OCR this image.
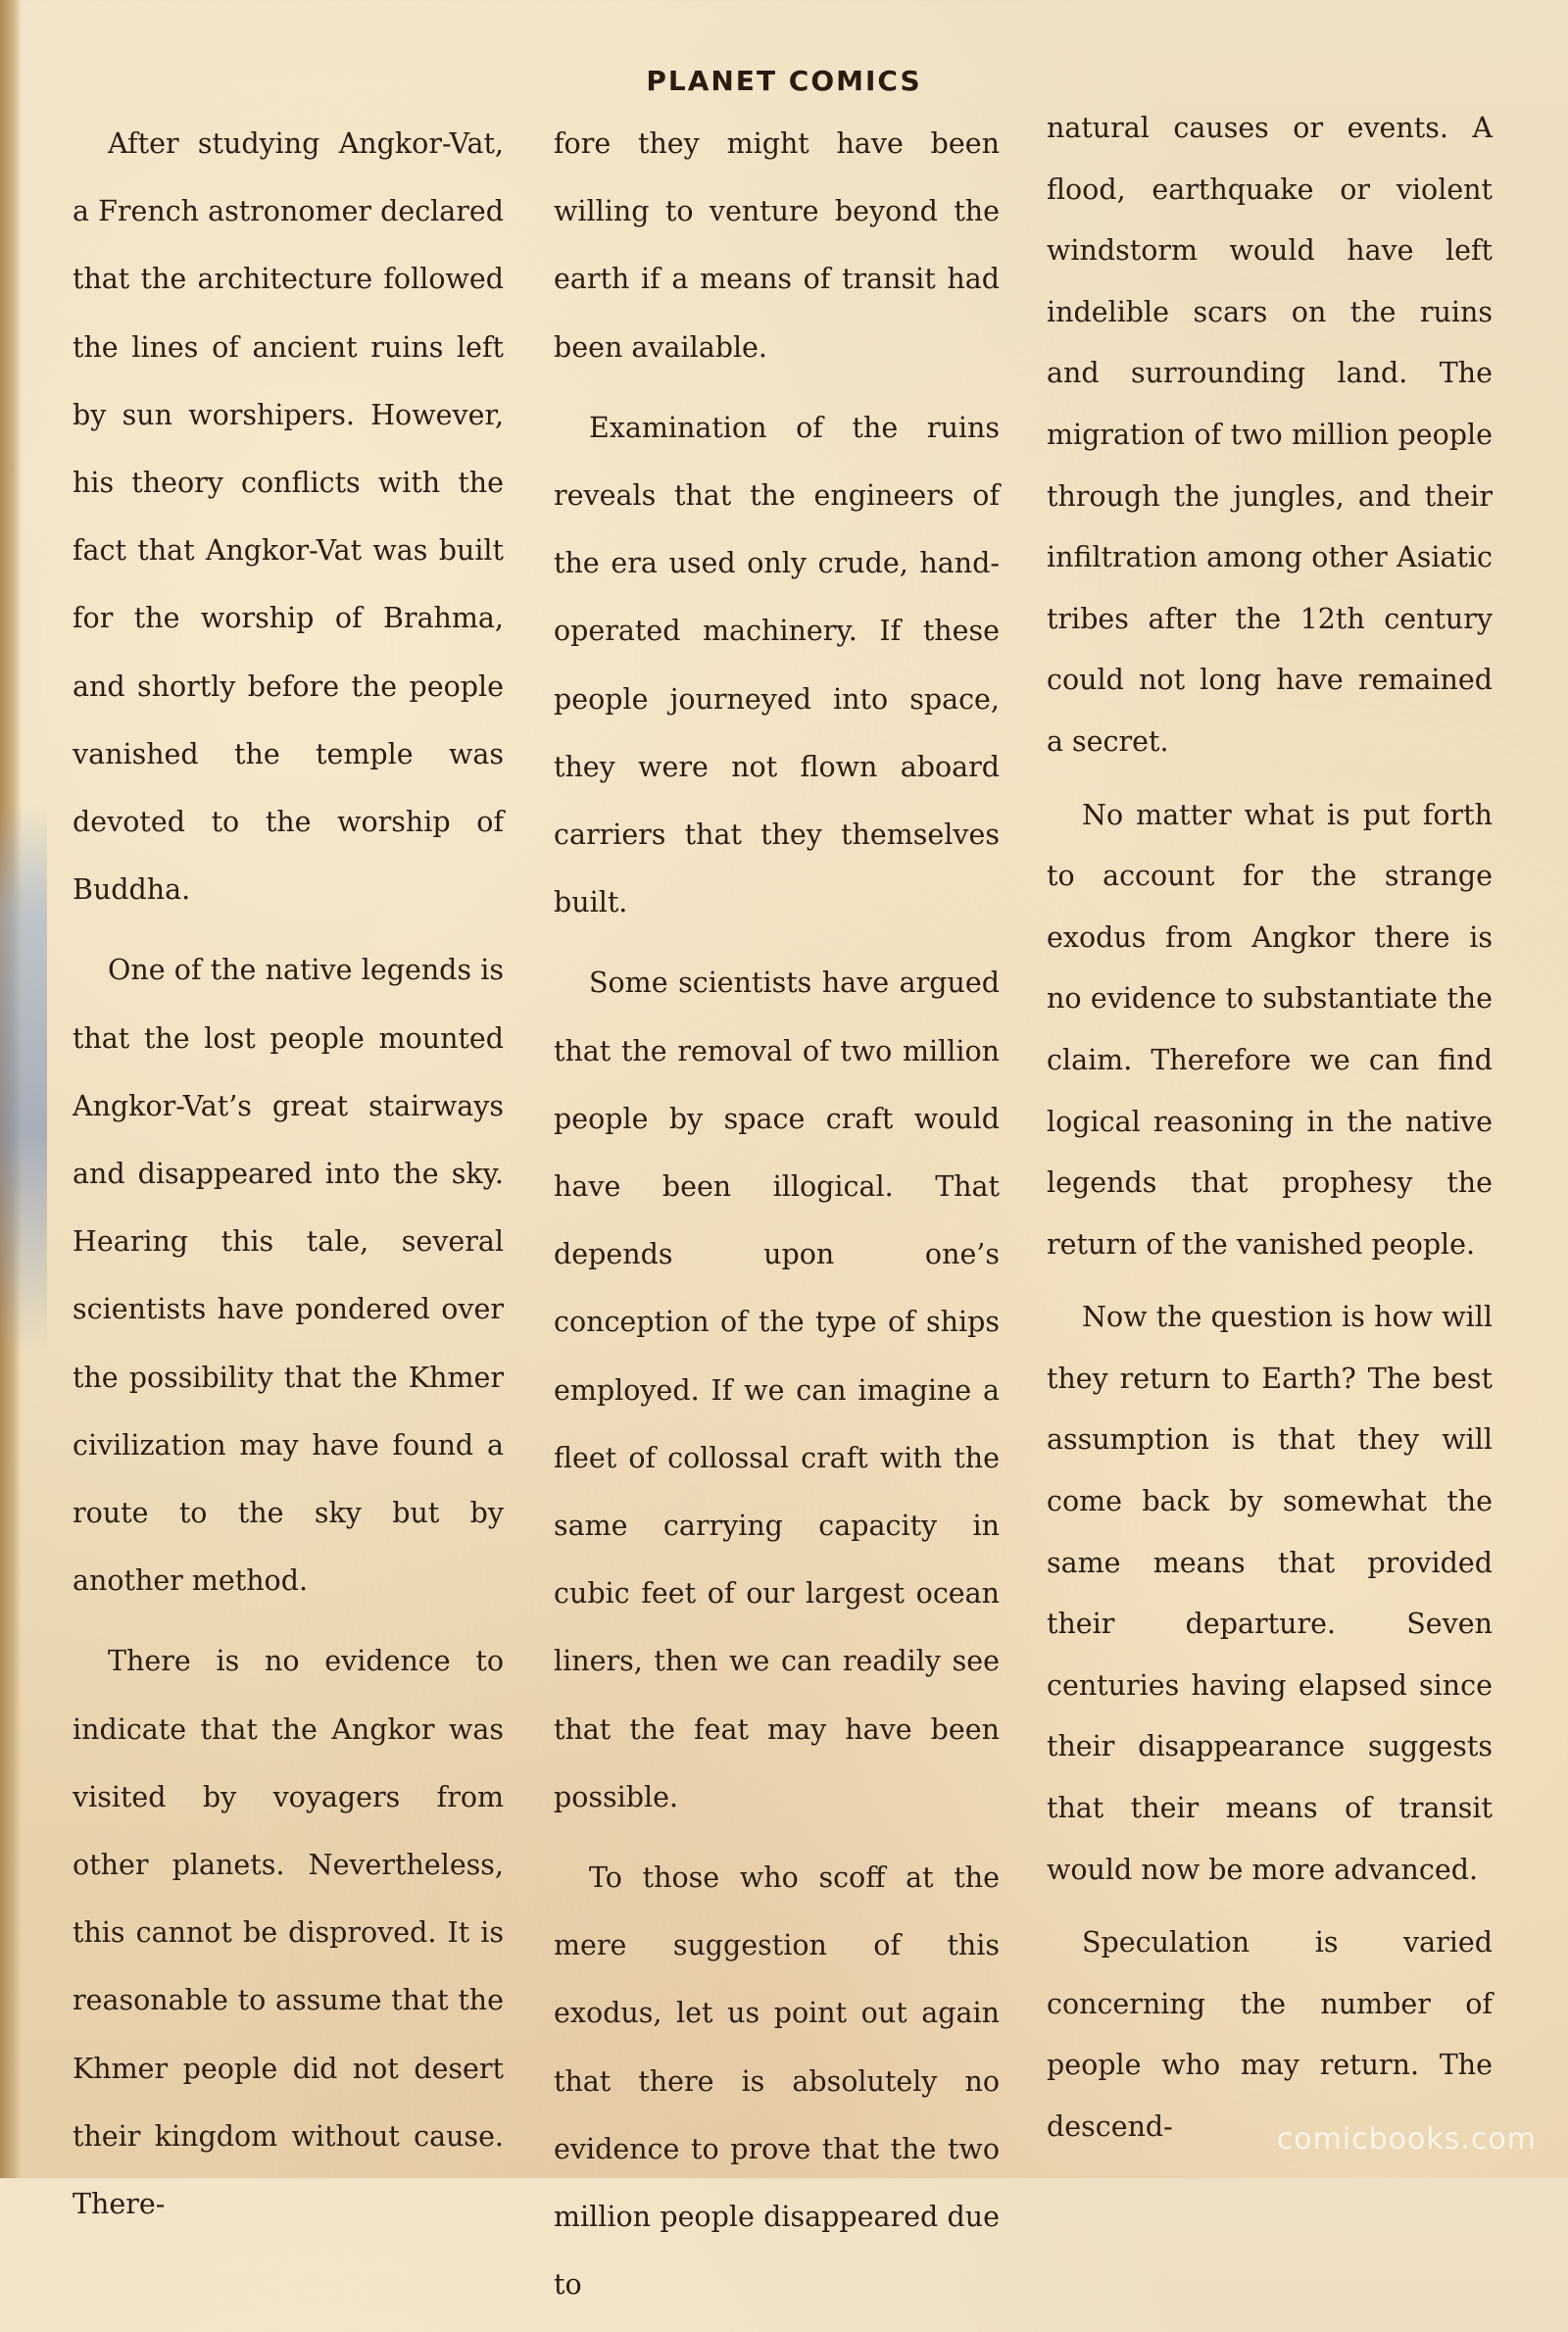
PLANET COMICS

After studying Angkor-Vat, a French astronomer declared that the architecture followed the lines of ancient ruins left by sun worshipers. However, his theory conflicts with the fact that Angkor-Vat was built for the worship of Brahma, and shortly before the people vanished the temple was devoted to the worship of Buddha.

One of the native legends is that the lost people mounted Angkor-Vat’s great stairways and disappeared into the sky. Hearing this tale, several scientists have pondered over the possibility that the Khmer civilization may have found a route to the sky but by another method.

There is no evidence to indicate that the Angkor was visited by voyagers from other planets. Nevertheless, this cannot be disproved. It is reasonable to assume that the Khmer people did not desert their kingdom without cause. There-

fore they might have been willing to venture beyond the earth if a means of transit had been available.

Examination of the ruins reveals that the engineers of the era used only crude, hand-operated machinery. If these people journeyed into space, they were not flown aboard carriers that they themselves built.

Some scientists have argued that the removal of two million people by space craft would have been illogical. That depends upon one’s conception of the type of ships employed. If we can imagine a fleet of collossal craft with the same carrying capacity in cubic feet of our largest ocean liners, then we can readily see that the feat may have been possible.

To those who scoff at the mere suggestion of this exodus, let us point out again that there is absolutely no evidence to prove that the two million people disappeared due to

natural causes or events. A flood, earthquake or violent windstorm would have left indelible scars on the ruins and surrounding land. The migration of two million people through the jungles, and their infiltration among other Asiatic tribes after the 12th century could not long have remained a secret.

No matter what is put forth to account for the strange exodus from Angkor there is no evidence to substantiate the claim. Therefore we can find logical reasoning in the native legends that prophesy the return of the vanished people.

Now the question is how will they return to Earth? The best assumption is that they will come back by somewhat the same means that provided their departure. Seven centuries having elapsed since their disappearance suggests that their means of transit would now be more advanced.

Speculation is varied concerning the number of people who may return. The descend-	comicbooks.com
